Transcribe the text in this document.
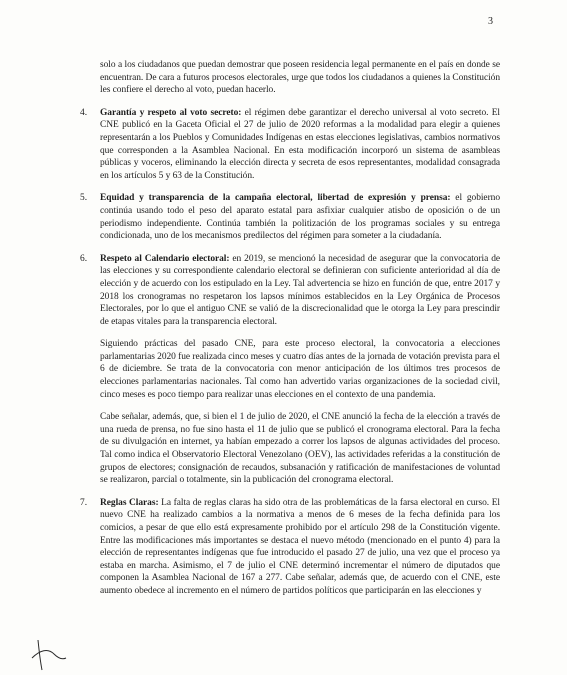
3

solo a los ciudadanos que puedan demostrar que poseen residencia legal permanente en el país en donde se encuentran. De cara a futuros procesos electorales, urge que todos los ciudadanos a quienes la Constitución les confiere el derecho al voto, puedan hacerlo.

4.	Garantía y respeto al voto secreto: el régimen debe garantizar el derecho universal al voto secreto. El CNE publicó en la Gaceta Oficial el 27 de julio de 2020 reformas a la modalidad para elegir a quienes representarán a los Pueblos y Comunidades Indígenas en estas elecciones legislativas, cambios normativos que corresponden a la Asamblea Nacional. En esta modificación incorporó un sistema de asambleas públicas y voceros, eliminando la elección directa y secreta de esos representantes, modalidad consagrada en los artículos 5 y 63 de la Constitución.
5.	Equidad y transparencia de la campaña electoral, libertad de expresión y prensa: el gobierno continúa usando todo el peso del aparato estatal para asfixiar cualquier atisbo de oposición o de un periodismo independiente. Continúa también la politización de los programas sociales y su entrega condicionada, uno de los mecanismos predilectos del régimen para someter a la ciudadanía.
6.	Respeto al Calendario electoral: en 2019, se mencionó la necesidad de asegurar que la convocatoria de las elecciones y su correspondiente calendario electoral se definieran con suficiente anterioridad al día de elección y de acuerdo con los estipulado en la Ley. Tal advertencia se hizo en función de que, entre 2017 y 2018 los cronogramas no respetaron los lapsos mínimos establecidos en la Ley Orgánica de Procesos Electorales, por lo que el antiguo CNE se valió de la discrecionalidad que le otorga la Ley para prescindir de etapas vitales para la transparencia electoral.

Siguiendo prácticas del pasado CNE, para este proceso electoral, la convocatoria a elecciones parlamentarias 2020 fue realizada cinco meses y cuatro días antes de la jornada de votación prevista para el 6 de diciembre. Se trata de la convocatoria con menor anticipación de los últimos tres procesos de elecciones parlamentarias nacionales. Tal como han advertido varias organizaciones de la sociedad civil, cinco meses es poco tiempo para realizar unas elecciones en el contexto de una pandemia.

Cabe señalar, además, que, si bien el 1 de julio de 2020, el CNE anunció la fecha de la elección a través de una rueda de prensa, no fue sino hasta el 11 de julio que se publicó el cronograma electoral. Para la fecha de su divulgación en internet, ya habían empezado a correr los lapsos de algunas actividades del proceso. Tal como indica el Observatorio Electoral Venezolano (OEV), las actividades referidas a la constitución de grupos de electores; consignación de recaudos, subsanación y ratificación de manifestaciones de voluntad se realizaron, parcial o totalmente, sin la publicación del cronograma electoral.

7.	Reglas Claras: La falta de reglas claras ha sido otra de las problemáticas de la farsa electoral en curso. El nuevo CNE ha realizado cambios a la normativa a menos de 6 meses de la fecha definida para los comicios, a pesar de que ello está expresamente prohibido por el artículo 298 de la Constitución vigente. Entre las modificaciones más importantes se destaca el nuevo método (mencionado en el punto 4) para la elección de representantes indígenas que fue introducido el pasado 27 de julio, una vez que el proceso ya estaba en marcha. Asimismo, el 7 de julio el CNE determinó incrementar el número de diputados que componen la Asamblea Nacional de 167 a 277. Cabe señalar, además que, de acuerdo con el CNE, este aumento obedece al incremento en el número de partidos políticos que participarán en las elecciones y
